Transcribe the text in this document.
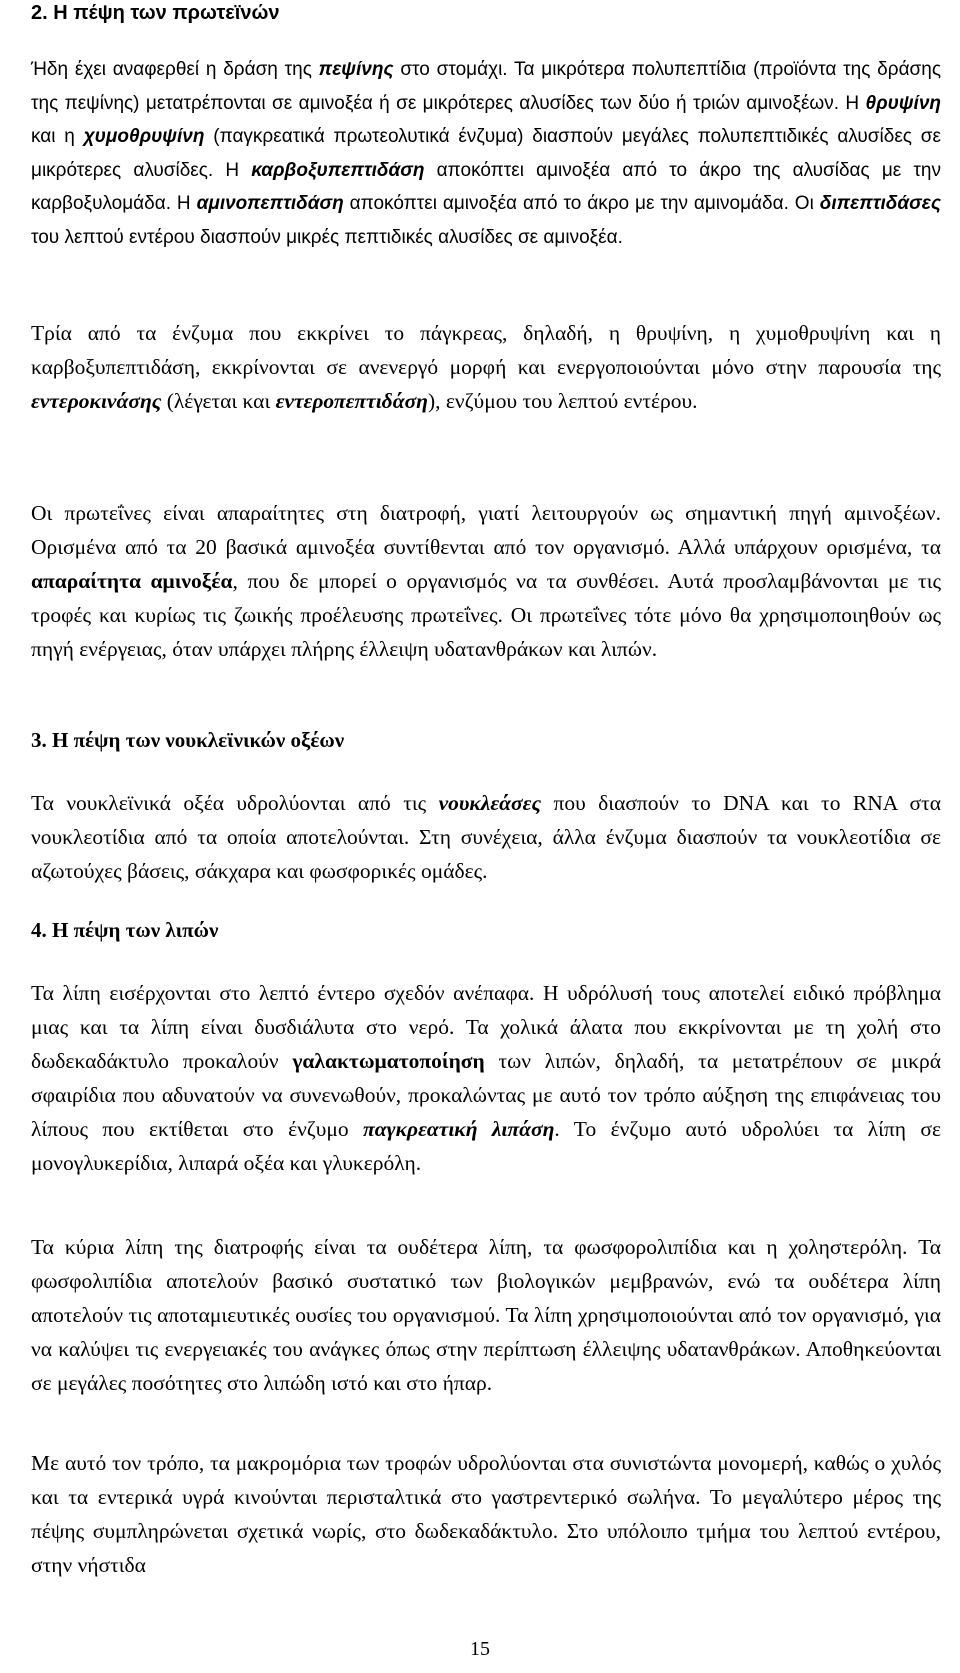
2. Η πέψη των πρωτεϊνών

Ήδη έχει αναφερθεί η δράση της πεψίνης στο στομάχι. Τα μικρότερα πολυπεπτίδια (προϊόντα της δράσης της πεψίνης) μετατρέπονται σε αμινοξέα ή σε μικρότερες αλυσίδες των δύο ή τριών αμινοξέων. Η θρυψίνη και η χυμοθρυψίνη (παγκρεατικά πρωτεολυτικά ένζυμα) διασπούν μεγάλες πολυπεπτιδικές αλυσίδες σε μικρότερες αλυσίδες. Η καρβοξυπεπτιδάση αποκόπτει αμινοξέα από το άκρο της αλυσίδας με την καρβοξυλομάδα. Η αμινοπεπτιδάση αποκόπτει αμινοξέα από το άκρο με την αμινομάδα. Οι διπεπτιδάσες του λεπτού εντέρου διασπούν μικρές πεπτιδικές αλυσίδες σε αμινοξέα.

Τρία από τα ένζυμα που εκκρίνει το πάγκρεας, δηλαδή, η θρυψίνη, η χυμοθρυψίνη και η καρβοξυπεπτιδάση, εκκρίνονται σε ανενεργό μορφή και ενεργοποιούνται μόνο στην παρουσία της εντεροκινάσης (λέγεται και εντεροπεπτιδάση), ενζύμου του λεπτού εντέρου.

Οι πρωτεΐνες είναι απαραίτητες στη διατροφή, γιατί λειτουργούν ως σημαντική πηγή αμινοξέων. Ορισμένα από τα 20 βασικά αμινοξέα συντίθενται από τον οργανισμό. Αλλά υπάρχουν ορισμένα, τα απαραίτητα αμινοξέα, που δε μπορεί ο οργανισμός να τα συνθέσει. Αυτά προσλαμβάνονται με τις τροφές και κυρίως τις ζωικής προέλευσης πρωτεΐνες. Οι πρωτεΐνες τότε μόνο θα χρησιμοποιηθούν ως πηγή ενέργειας, όταν υπάρχει πλήρης έλλειψη υδατανθράκων και λιπών.

3. Η πέψη των νουκλεϊνικών οξέων

Τα νουκλεϊνικά οξέα υδρολύονται από τις νουκλεάσες που διασπούν το DNA και το RNA στα νουκλεοτίδια από τα οποία αποτελούνται. Στη συνέχεια, άλλα ένζυμα διασπούν τα νουκλεοτίδια σε αζωτούχες βάσεις, σάκχαρα και φωσφορικές ομάδες.

4. Η πέψη των λιπών

Τα λίπη εισέρχονται στο λεπτό έντερο σχεδόν ανέπαφα. Η υδρόλυσή τους αποτελεί ειδικό πρόβλημα μιας και τα λίπη είναι δυσδιάλυτα στο νερό. Τα χολικά άλατα που εκκρίνονται με τη χολή στο δωδεκαδάκτυλο προκαλούν γαλακτωματοποίηση των λιπών, δηλαδή, τα μετατρέπουν σε μικρά σφαιρίδια που αδυνατούν να συνενωθούν, προκαλώντας με αυτό τον τρόπο αύξηση της επιφάνειας του λίπους που εκτίθεται στο ένζυμο παγκρεατική λιπάση. Το ένζυμο αυτό υδρολύει τα λίπη σε μονογλυκερίδια, λιπαρά οξέα και γλυκερόλη.

Τα κύρια λίπη της διατροφής είναι τα ουδέτερα λίπη, τα φωσφορολιπίδια και η χοληστερόλη. Τα φωσφολιπίδια αποτελούν βασικό συστατικό των βιολογικών μεμβρανών, ενώ τα ουδέτερα λίπη αποτελούν τις αποταμιευτικές ουσίες του οργανισμού. Τα λίπη χρησιμοποιούνται από τον οργανισμό, για να καλύψει τις ενεργειακές του ανάγκες όπως στην περίπτωση έλλειψης υδατανθράκων. Αποθηκεύονται σε μεγάλες ποσότητες στο λιπώδη ιστό και στο ήπαρ.

Με αυτό τον τρόπο, τα μακρομόρια των τροφών υδρολύονται στα συνιστώντα μονομερή, καθώς ο χυλός και τα εντερικά υγρά κινούνται περισταλτικά στο γαστρεντερικό σωλήνα. Το μεγαλύτερο μέρος της πέψης συμπληρώνεται σχετικά νωρίς, στο δωδεκαδάκτυλο. Στο υπόλοιπο τμήμα του λεπτού εντέρου, στην νήστιδα

15
